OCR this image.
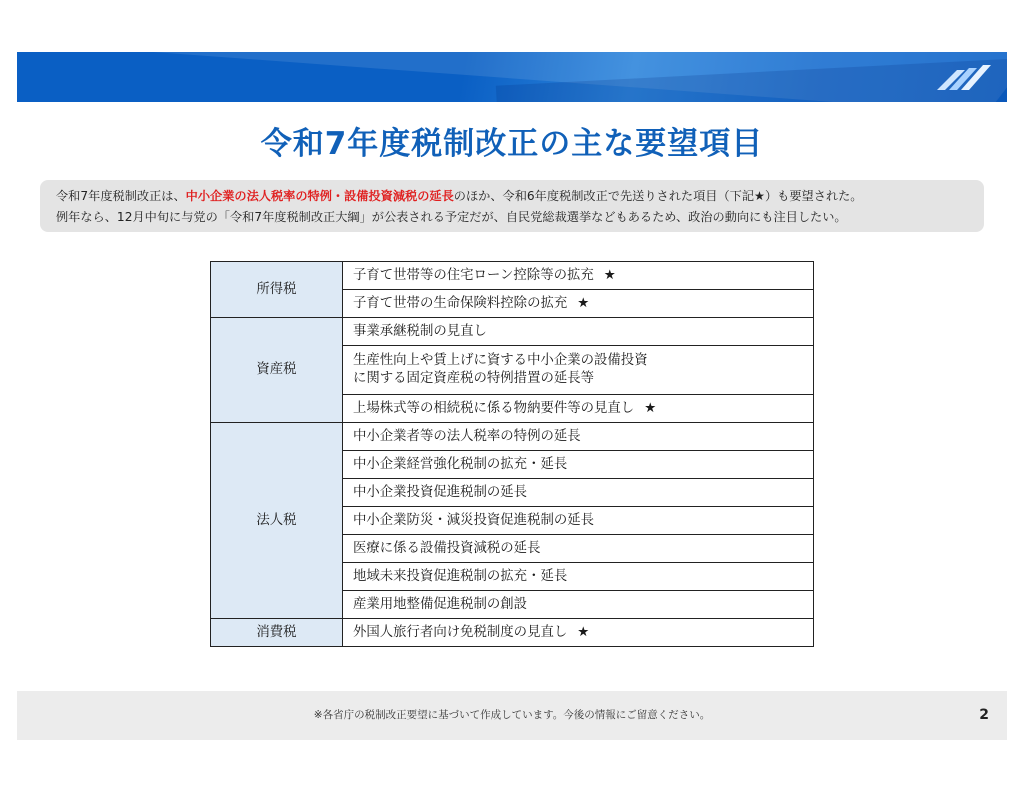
令和7年度税制改正の主な要望項目
令和7年度税制改正は、中小企業の法人税率の特例・設備投資減税の延長のほか、令和6年度税制改正で先送りされた項目（下記★）も要望された。
例年なら、12月中旬に与党の「令和7年度税制改正大綱」が公表される予定だが、自民党総裁選挙などもあるため、政治の動向にも注目したい。
所得税	子育て世帯等の住宅ローン控除等の拡充 ★
	子育て世帯の生命保険料控除の拡充 ★
資産税	事業承継税制の見直し

	生産性向上や賃上げに資する中小企業の設備投資
に関する固定資産税の特例措置の延長等

	上場株式等の相続税に係る物納要件等の見直し ★
法人税	中小企業者等の法人税率の特例の延長
	中小企業経営強化税制の拡充・延長
	中小企業投資促進税制の延長
	中小企業防災・減災投資促進税制の延長
	医療に係る設備投資減税の延長
	地域未来投資促進税制の拡充・延長
	産業用地整備促進税制の創設
消費税	外国人旅行者向け免税制度の見直し ★
※各省庁の税制改正要望に基づいて作成しています。今後の情報にご留意ください。	2
